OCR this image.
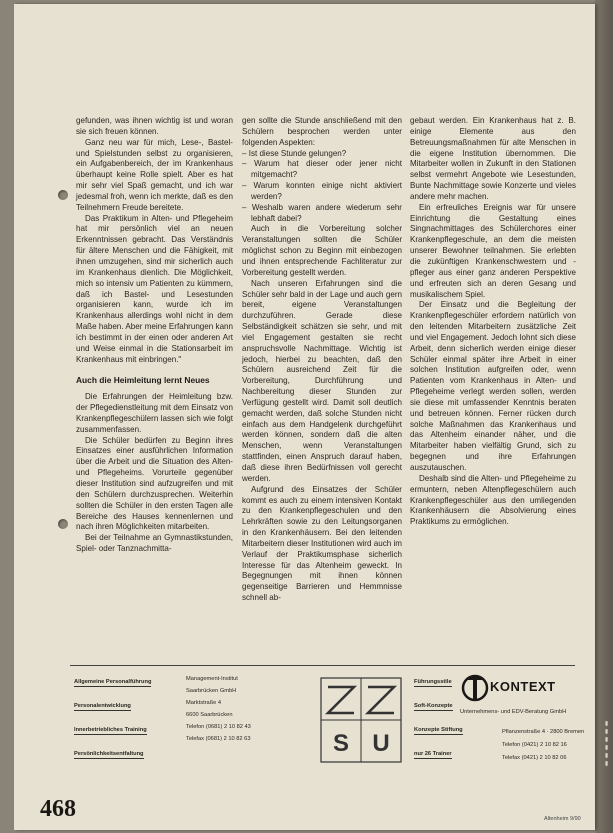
▮▮▮▮▮▮

gefunden, was ihnen wichtig ist und woran sie sich freuen können.

Ganz neu war für mich, Lese-, Bastel- und Spielstunden selbst zu organisieren, ein Aufgabenbereich, der im Krankenhaus überhaupt keine Rolle spielt. Aber es hat mir sehr viel Spaß gemacht, und ich war jedesmal froh, wenn ich merkte, daß es den Teilnehmern Freude bereitete.

Das Praktikum in Alten- und Pflegeheim hat mir persönlich viel an neuen Erkenntnissen gebracht. Das Verständnis für ältere Menschen und die Fähigkeit, mit ihnen umzugehen, sind mir sicherlich auch im Krankenhaus dienlich. Die Möglichkeit, mich so intensiv um Patienten zu kümmern, daß ich Bastel- und Lesestunden organisieren kann, wurde ich im Krankenhaus allerdings wohl nicht in dem Maße haben. Aber meine Erfahrungen kann ich bestimmt in der einen oder anderen Art und Weise einmal in die Stationsarbeit im Krankenhaus mit einbringen."

Auch die Heimleitung lernt Neues

Die Erfahrungen der Heimleitung bzw. der Pflegedienstleitung mit dem Einsatz von Krankenpflegeschülern lassen sich wie folgt zusammenfassen.

Die Schüler bedürfen zu Beginn ihres Einsatzes einer ausführlichen Information über die Arbeit und die Situation des Alten- und Pflegeheims. Vorurteile gegenüber dieser Institution sind aufzugreifen und mit den Schülern durchzusprechen. Weiterhin sollten die Schüler in den ersten Tagen alle Bereiche des Hauses kennenlernen und nach ihren Möglichkeiten mitarbeiten.

Bei der Teilnahme an Gymnastikstunden, Spiel- oder Tanznachmitta-

gen sollte die Stunde anschließend mit den Schülern besprochen werden unter folgenden Aspekten:

– Ist diese Stunde gelungen?
– Warum hat dieser oder jener nicht mitgemacht?
– Warum konnten einige nicht aktiviert werden?
– Weshalb waren andere wiederum sehr lebhaft dabei?

Auch in die Vorbereitung solcher Veranstaltungen sollten die Schüler möglichst schon zu Beginn mit einbezogen und ihnen entsprechende Fachliteratur zur Vorbereitung gestellt werden.

Nach unseren Erfahrungen sind die Schüler sehr bald in der Lage und auch gern bereit, eigene Veranstaltungen durchzuführen. Gerade diese Selbständigkeit schätzen sie sehr, und mit viel Engagement gestalten sie recht anspruchsvolle Nachmittage. Wichtig ist jedoch, hierbei zu beachten, daß den Schülern ausreichend Zeit für die Vorbereitung, Durchführung und Nachbereitung dieser Stunden zur Verfügung gestellt wird. Damit soll deutlich gemacht werden, daß solche Stunden nicht einfach aus dem Handgelenk durchgeführt werden können, sondern daß die alten Menschen, wenn Veranstaltungen stattfinden, einen Anspruch darauf haben, daß diese ihren Bedürfnissen voll gerecht werden.

Aufgrund des Einsatzes der Schüler kommt es auch zu einem intensiven Kontakt zu den Krankenpflegeschulen und den Lehrkräften sowie zu den Leitungsorganen in den Krankenhäusern. Bei den leitenden Mitarbeitern dieser Institutionen wird auch im Verlauf der Praktikumsphase sicherlich Interesse für das Altenheim geweckt. In Begegnungen mit ihnen können gegenseitige Barrieren und Hemmnisse schnell ab-

gebaut werden. Ein Krankenhaus hat z. B. einige Elemente aus den Betreuungsmaßnahmen für alte Menschen in die eigene Institution übernommen. Die Mitarbeiter wollen in Zukunft in den Stationen selbst vermehrt Angebote wie Lesestunden, Bunte Nachmittage sowie Konzerte und vieles andere mehr machen.

Ein erfreuliches Ereignis war für unsere Einrichtung die Gestaltung eines Singnachmittages des Schülerchores einer Krankenpflegeschule, an dem die meisten unserer Bewohner teilnahmen. Sie erlebten die zukünftigen Krankenschwestern und -pfleger aus einer ganz anderen Perspektive und erfreuten sich an deren Gesang und musikalischem Spiel.

Der Einsatz und die Begleitung der Krankenpflegeschüler erfordern natürlich von den leitenden Mitarbeitern zusätzliche Zeit und viel Engagement. Jedoch lohnt sich diese Arbeit, denn sicherlich werden einige dieser Schüler einmal später ihre Arbeit in einer solchen Institution aufgreifen oder, wenn Patienten vom Krankenhaus in Alten- und Pflegeheime verlegt werden sollen, werden sie diese mit umfassender Kenntnis beraten und betreuen können. Ferner rücken durch solche Maßnahmen das Krankenhaus und das Altenheim einander näher, und die Mitarbeiter haben vielfältig Grund, sich zu begegnen und ihre Erfahrungen auszutauschen.

Deshalb sind die Alten- und Pflegeheime zu ermuntern, neben Altenpflegeschülern auch Krankenpflegeschüler aus den umliegenden Krankenhäusern die Absolvierung eines Praktikums zu ermöglichen.

Allgemeine Personalführung
Personalentwicklung
Innerbetriebliches Training
Persönlichkeitsentfaltung
Management-Institut
Saarbrücken GmbH
Marktstraße 4
6600 Saarbrücken
Telefon (0681) 2 10 82 43
Telefax (0681) 2 10 82 63	S U
Führungsstile
Soft-Konzepte
Konzepte Stiftung
nur 26 Trainer
KONTEXT
Unternehmens- und EDV-Beratung GmbH
Pflanzenstraße 4 · 2800 Bremen
Telefon (0421) 2 10 82 16
Telefax (0421) 2 10 82 06
468	Altenheim 9/90
